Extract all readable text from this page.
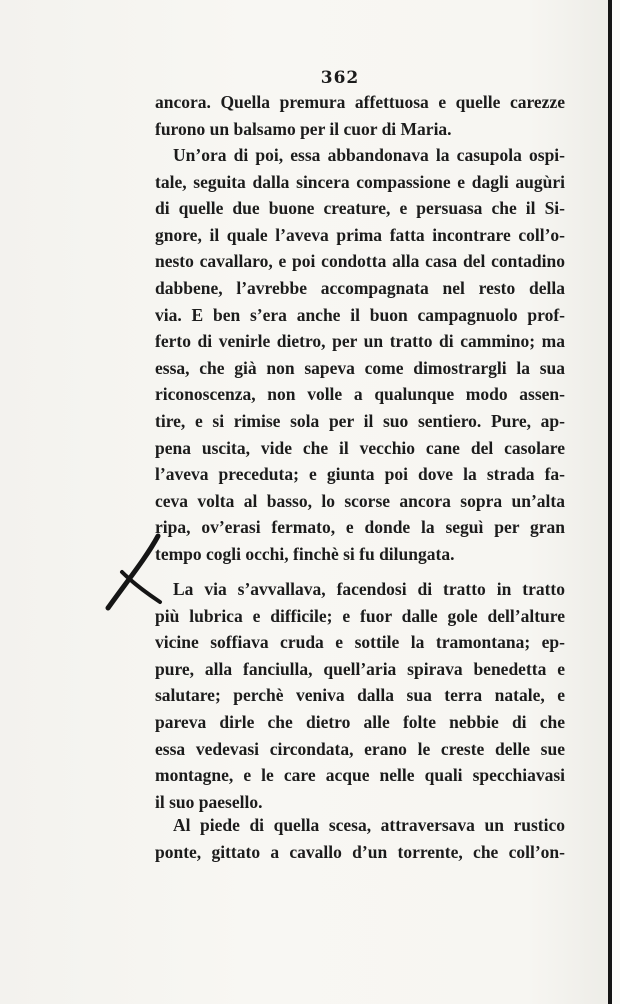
362
ancora. Quella premura affettuosa e quelle carezze
furono un balsamo per il cuor di Maria.
Un’ora di poi, essa abbandonava la casupola ospi-
tale, seguita dalla sincera compassione e dagli augùri
di quelle due buone creature, e persuasa che il Si-
gnore, il quale l’aveva prima fatta incontrare coll’o-
nesto cavallaro, e poi condotta alla casa del contadino
dabbene, l’avrebbe accompagnata nel resto della
via. E ben s’era anche il buon campagnuolo prof-
ferto di venirle dietro, per un tratto di cammino; ma
essa, che già non sapeva come dimostrargli la sua
riconoscenza, non volle a qualunque modo assen-
tire, e si rimise sola per il suo sentiero. Pure, ap-
pena uscita, vide che il vecchio cane del casolare
l’aveva preceduta; e giunta poi dove la strada fa-
ceva volta al basso, lo scorse ancora sopra un’alta
ripa, ov’erasi fermato, e donde la seguì per gran
tempo cogli occhi, finchè si fu dilungata.
La via s’avvallava, facendosi di tratto in tratto
più lubrica e difficile; e fuor dalle gole dell’alture
vicine soffiava cruda e sottile la tramontana; ep-
pure, alla fanciulla, quell’aria spirava benedetta e
salutare; perchè veniva dalla sua terra natale, e
pareva dirle che dietro alle folte nebbie di che
essa vedevasi circondata, erano le creste delle sue
montagne, e le care acque nelle quali specchiavasi
il suo paesello.
Al piede di quella scesa, attraversava un rustico
ponte, gittato a cavallo d’un torrente, che coll’on-
